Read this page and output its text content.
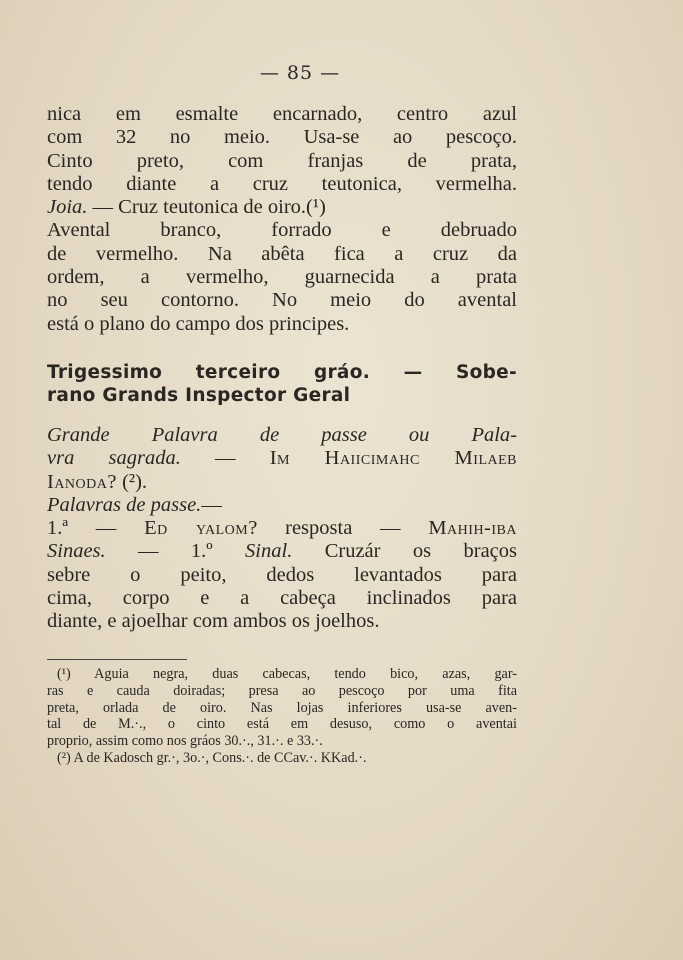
— 85 —
nica em esmalte encarnado, centro azul
com 32 no meio. Usa-se ao pescoço.
Cinto preto, com franjas de prata,
tendo diante a cruz teutonica, vermelha.
Joia. — Cruz teutonica de oiro.(¹)
Avental branco, forrado e debruado
de vermelho. Na abêta fica a cruz da
ordem, a vermelho, guarnecida a prata
no seu contorno. No meio do avental
está o plano do campo dos principes.
Trigessimo terceiro gráo. — Sobe-
rano Grands Inspector Geral
Grande Palavra de passe ou Pala-
vra sagrada. — Im Haiicimahc Milaeb
Ianoda? (²).
Palavras de passe.—
1.ª — Ed yalom? resposta — Mahih-iba
Sinaes. — 1.º Sinal. Cruzár os braços
sebre o peito, dedos levantados para
cima, corpo e a cabeça inclinados para
diante, e ajoelhar com ambos os joelhos.
(¹) Aguia negra, duas cabecas, tendo bico, azas, gar-
ras e cauda doiradas; presa ao pescoço por uma fita
preta, orlada de oiro. Nas lojas inferiores usa-se aven-
tal de M.·., o cinto está em desuso, como o aventai
proprio, assim como nos gráos 30.·., 31.·. e 33.·.
(²) A de Kadosch gr.·, 3o.·, Cons.·. de CCav.·. KKad.·.
